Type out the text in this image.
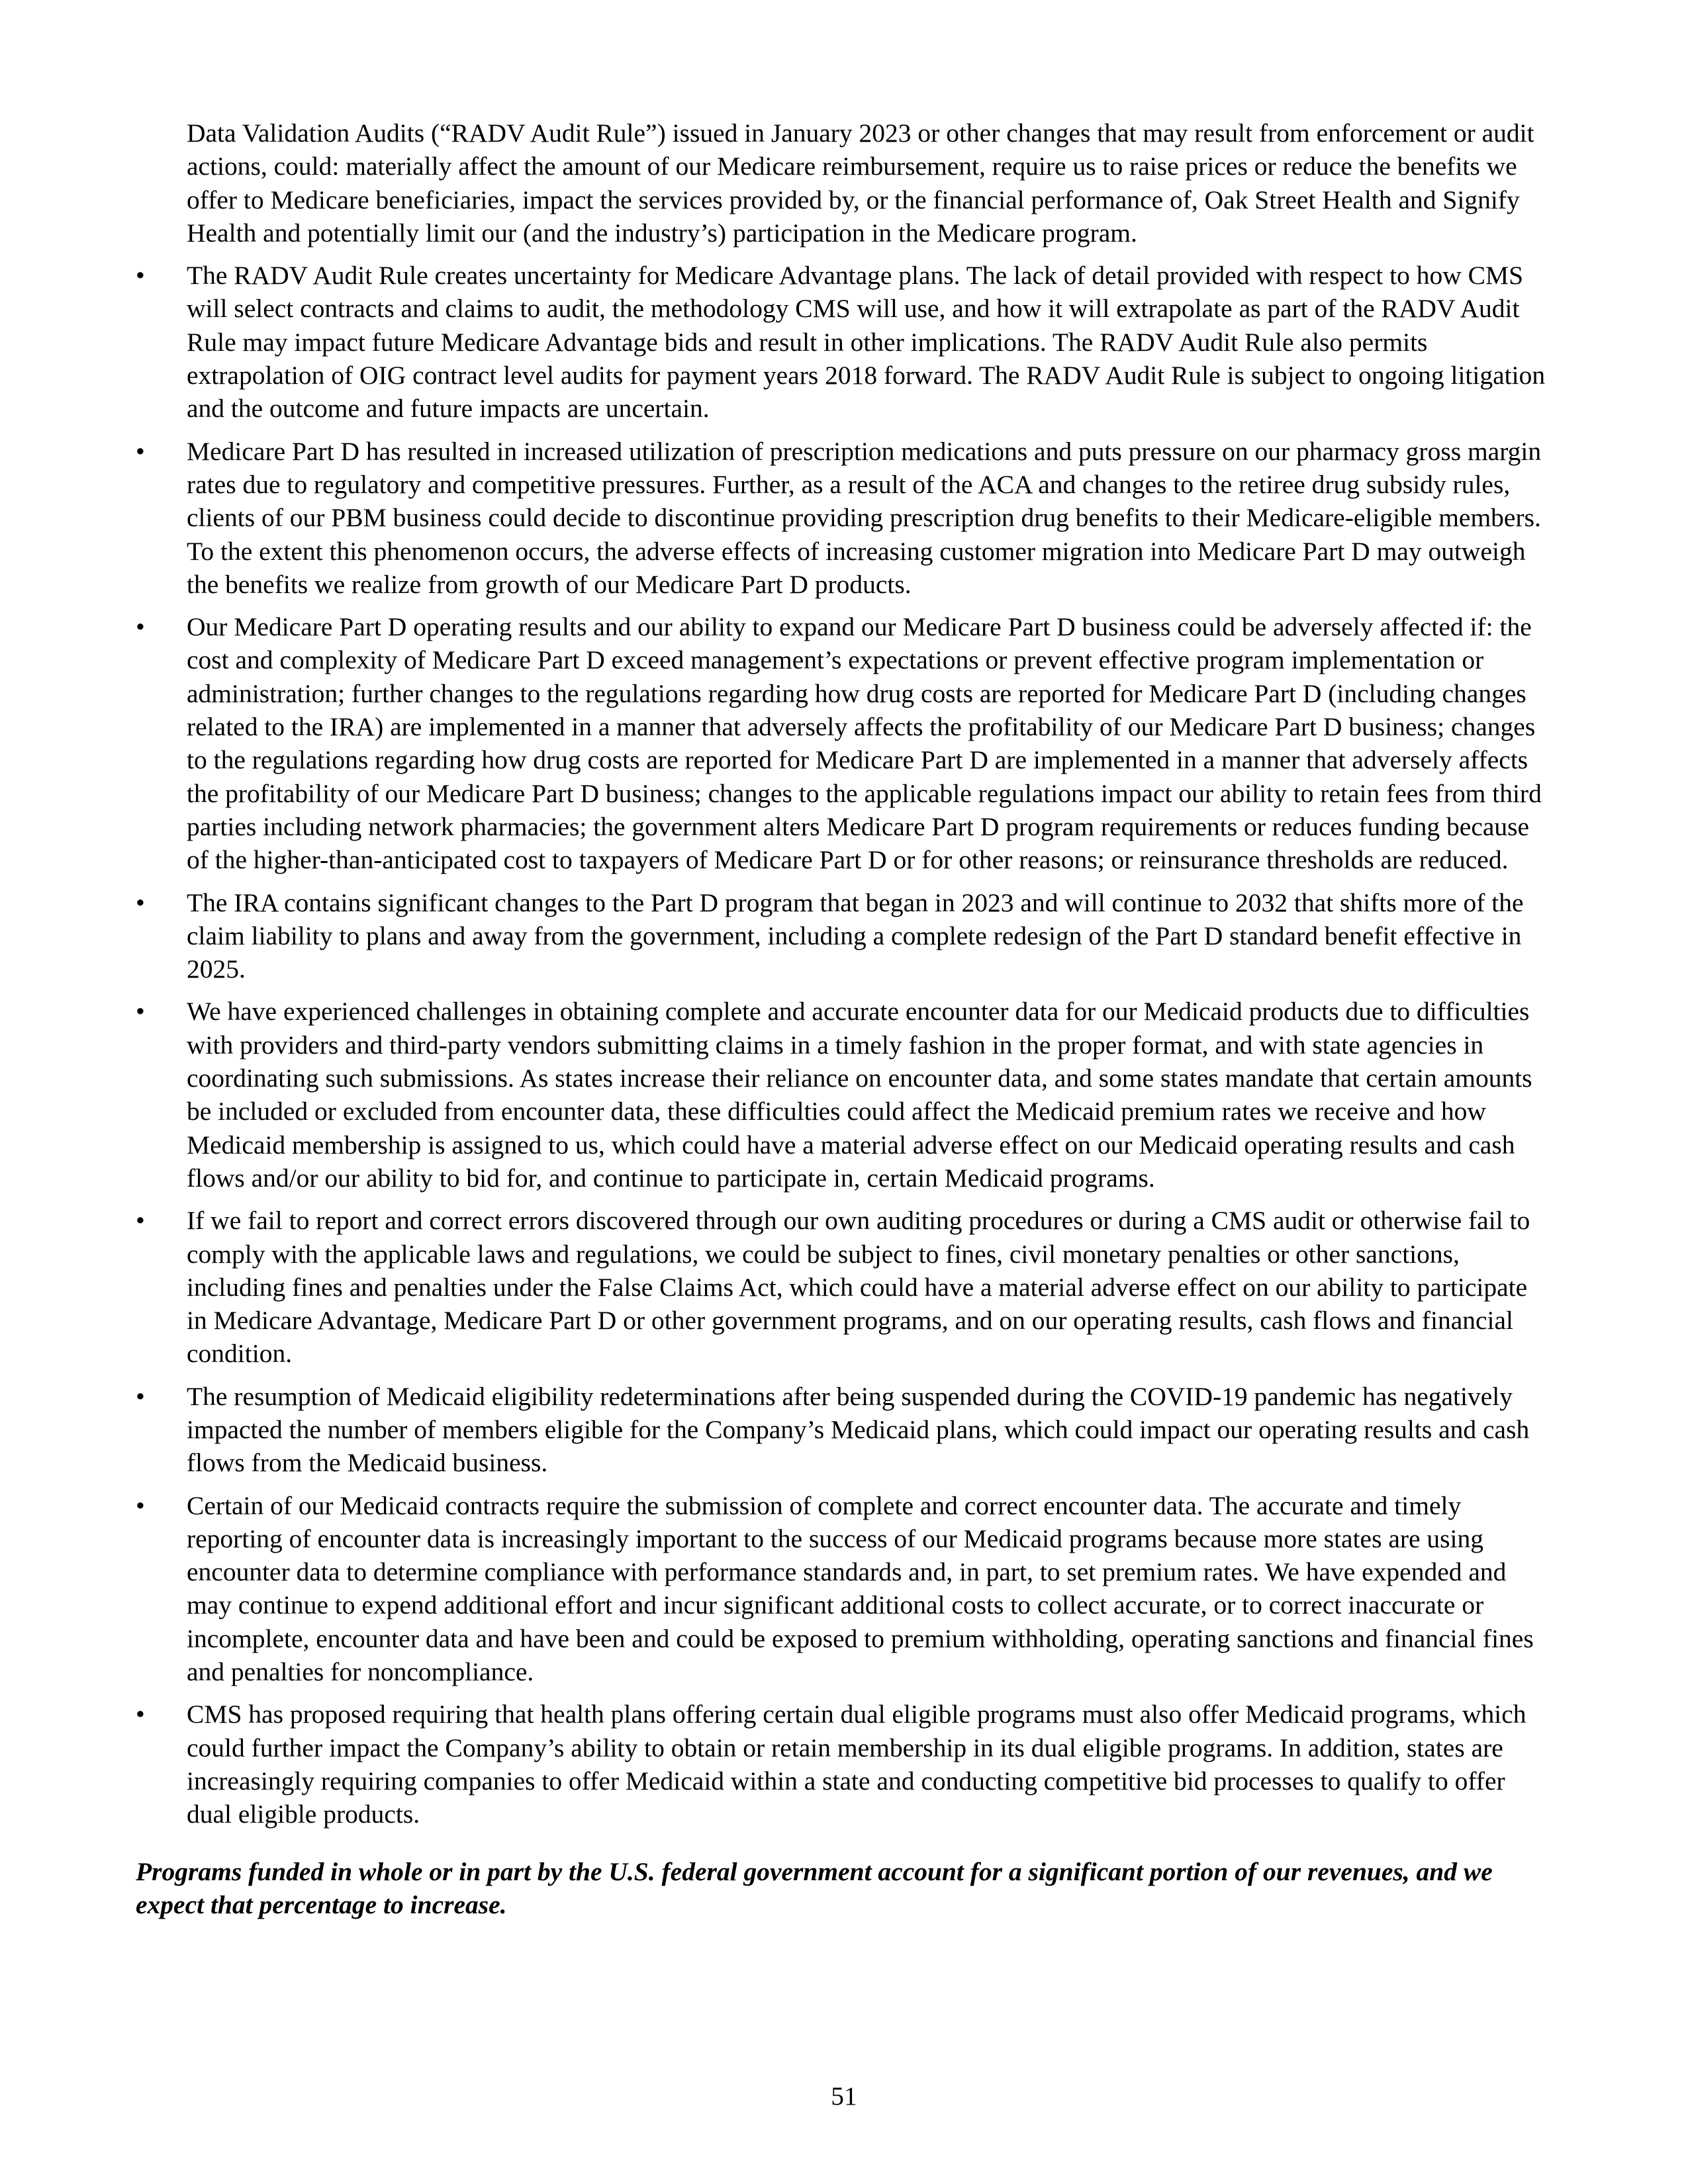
Data Validation Audits (“RADV Audit Rule”) issued in January 2023 or other changes that may result from enforcement or audit actions, could: materially affect the amount of our Medicare reimbursement, require us to raise prices or reduce the benefits we offer to Medicare beneficiaries, impact the services provided by, or the financial performance of, Oak Street Health and Signify Health and potentially limit our (and the industry’s) participation in the Medicare program.

•	The RADV Audit Rule creates uncertainty for Medicare Advantage plans. The lack of detail provided with respect to how CMS will select contracts and claims to audit, the methodology CMS will use, and how it will extrapolate as part of the RADV Audit Rule may impact future Medicare Advantage bids and result in other implications. The RADV Audit Rule also permits extrapolation of OIG contract level audits for payment years 2018 forward. The RADV Audit Rule is subject to ongoing litigation and the outcome and future impacts are uncertain.
•	Medicare Part D has resulted in increased utilization of prescription medications and puts pressure on our pharmacy gross margin rates due to regulatory and competitive pressures. Further, as a result of the ACA and changes to the retiree drug subsidy rules, clients of our PBM business could decide to discontinue providing prescription drug benefits to their Medicare-eligible members. To the extent this phenomenon occurs, the adverse effects of increasing customer migration into Medicare Part D may outweigh the benefits we realize from growth of our Medicare Part D products.
•	Our Medicare Part D operating results and our ability to expand our Medicare Part D business could be adversely affected if: the cost and complexity of Medicare Part D exceed management’s expectations or prevent effective program implementation or administration; further changes to the regulations regarding how drug costs are reported for Medicare Part D (including changes related to the IRA) are implemented in a manner that adversely affects the profitability of our Medicare Part D business; changes to the regulations regarding how drug costs are reported for Medicare Part D are implemented in a manner that adversely affects the profitability of our Medicare Part D business; changes to the applicable regulations impact our ability to retain fees from third parties including network pharmacies; the government alters Medicare Part D program requirements or reduces funding because of the higher-than-anticipated cost to taxpayers of Medicare Part D or for other reasons; or reinsurance thresholds are reduced.
•	The IRA contains significant changes to the Part D program that began in 2023 and will continue to 2032 that shifts more of the claim liability to plans and away from the government, including a complete redesign of the Part D standard benefit effective in 2025.
•	We have experienced challenges in obtaining complete and accurate encounter data for our Medicaid products due to difficulties with providers and third-party vendors submitting claims in a timely fashion in the proper format, and with state agencies in coordinating such submissions. As states increase their reliance on encounter data, and some states mandate that certain amounts be included or excluded from encounter data, these difficulties could affect the Medicaid premium rates we receive and how Medicaid membership is assigned to us, which could have a material adverse effect on our Medicaid operating results and cash flows and/or our ability to bid for, and continue to participate in, certain Medicaid programs.
•	If we fail to report and correct errors discovered through our own auditing procedures or during a CMS audit or otherwise fail to comply with the applicable laws and regulations, we could be subject to fines, civil monetary penalties or other sanctions, including fines and penalties under the False Claims Act, which could have a material adverse effect on our ability to participate in Medicare Advantage, Medicare Part D or other government programs, and on our operating results, cash flows and financial condition.
•	The resumption of Medicaid eligibility redeterminations after being suspended during the COVID-19 pandemic has negatively impacted the number of members eligible for the Company’s Medicaid plans, which could impact our operating results and cash flows from the Medicaid business.
•	Certain of our Medicaid contracts require the submission of complete and correct encounter data. The accurate and timely reporting of encounter data is increasingly important to the success of our Medicaid programs because more states are using encounter data to determine compliance with performance standards and, in part, to set premium rates. We have expended and may continue to expend additional effort and incur significant additional costs to collect accurate, or to correct inaccurate or incomplete, encounter data and have been and could be exposed to premium withholding, operating sanctions and financial fines and penalties for noncompliance.
•	CMS has proposed requiring that health plans offering certain dual eligible programs must also offer Medicaid programs, which could further impact the Company’s ability to obtain or retain membership in its dual eligible programs. In addition, states are increasingly requiring companies to offer Medicaid within a state and conducting competitive bid processes to qualify to offer dual eligible products.

Programs funded in whole or in part by the U.S. federal government account for a significant portion of our revenues, and we expect that percentage to increase.

51
